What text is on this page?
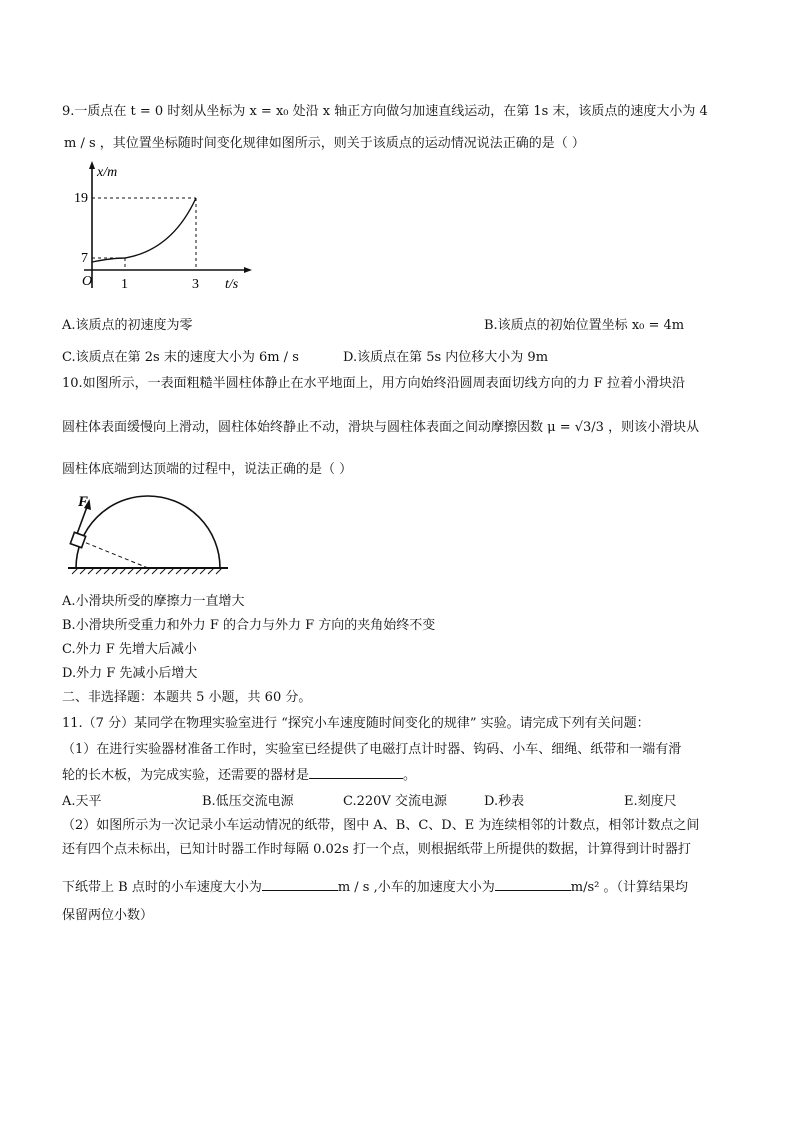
9.一质点在 t = 0 时刻从坐标为 x = x₀ 处沿 x 轴正方向做匀加速直线运动，在第 1s 末，该质点的速度大小为 4
m / s ，其位置坐标随时间变化规律如图所示，则关于该质点的运动情况说法正确的是（ ）
x/m
19
7
O 1	3 t/s
A.该质点的初速度为零	B.该质点的初始位置坐标 x₀ = 4m
C.该质点在第 2s 末的速度大小为 6m / s	D.该质点在第 5s 内位移大小为 9m
10.如图所示，一表面粗糙半圆柱体静止在水平地面上，用方向始终沿圆周表面切线方向的力 F 拉着小滑块沿
圆柱体表面缓慢向上滑动，圆柱体始终静止不动，滑块与圆柱体表面之间动摩擦因数 μ = √3/3 ，则该小滑块从
圆柱体底端到达顶端的过程中，说法正确的是（ ）
F
A.小滑块所受的摩擦力一直增大
B.小滑块所受重力和外力 F 的合力与外力 F 方向的夹角始终不变
C.外力 F 先增大后减小
D.外力 F 先减小后增大
二、非选择题：本题共 5 小题，共 60 分。
11.（7 分）某同学在物理实验室进行 “探究小车速度随时间变化的规律” 实验。请完成下列有关问题：
（1）在进行实验器材准备工作时，实验室已经提供了电磁打点计时器、钩码、小车、细绳、纸带和一端有滑
轮的长木板，为完成实验，还需要的器材是	。
A.天平	B.低压交流电源	C.220V 交流电源	D.秒表	E.刻度尺
（2）如图所示为一次记录小车运动情况的纸带，图中 A、B、C、D、E 为连续相邻的计数点，相邻计数点之间
还有四个点未标出，已知计时器工作时每隔 0.02s 打一个点，则根据纸带上所提供的数据，计算得到计时器打
下纸带上 B 点时的小车速度大小为	m / s ,小车的加速度大小为	m/s² 。（计算结果均
保留两位小数）
